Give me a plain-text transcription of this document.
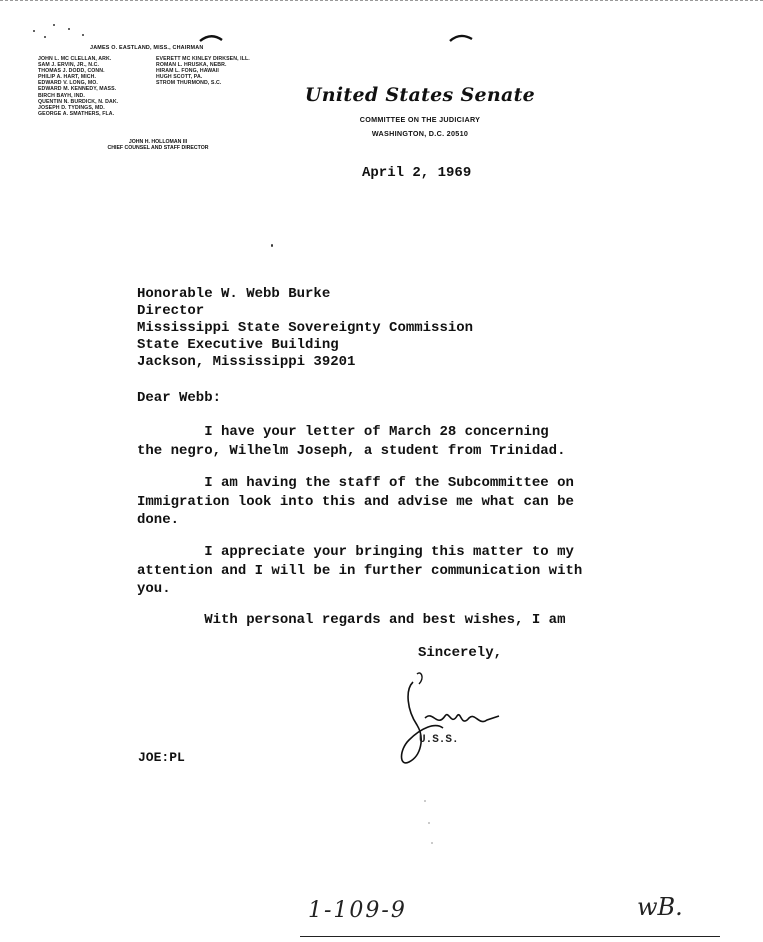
JAMES O. EASTLAND, MISS., CHAIRMAN
JOHN L. MC CLELLAN, ARK.
SAM J. ERVIN, JR., N.C.
THOMAS J. DODD, CONN.
PHILIP A. HART, MICH.
EDWARD V. LONG, MO.
EDWARD M. KENNEDY, MASS.
BIRCH BAYH, IND.
QUENTIN N. BURDICK, N. DAK.
JOSEPH D. TYDINGS, MD.
GEORGE A. SMATHERS, FLA.
EVERETT MC KINLEY DIRKSEN, ILL.
ROMAN L. HRUSKA, NEBR.
HIRAM L. FONG, HAWAII
HUGH SCOTT, PA.
STROM THURMOND, S.C.
JOHN H. HOLLOMAN III
CHIEF COUNSEL AND STAFF DIRECTOR
United States Senate
COMMITTEE ON THE JUDICIARY
WASHINGTON, D.C. 20510
April 2, 1969
Honorable W. Webb Burke
Director
Mississippi State Sovereignty Commission
State Executive Building
Jackson, Mississippi 39201
Dear Webb:
I have your letter of March 28 concerning
the negro, Wilhelm Joseph, a student from Trinidad.
I am having the staff of the Subcommittee on
Immigration look into this and advise me what can be
done.
I appreciate your bringing this matter to my
attention and I will be in further communication with
you.
With personal regards and best wishes, I am
Sincerely,
U.S.S.
JOE:PL
1-109-9	wB.
